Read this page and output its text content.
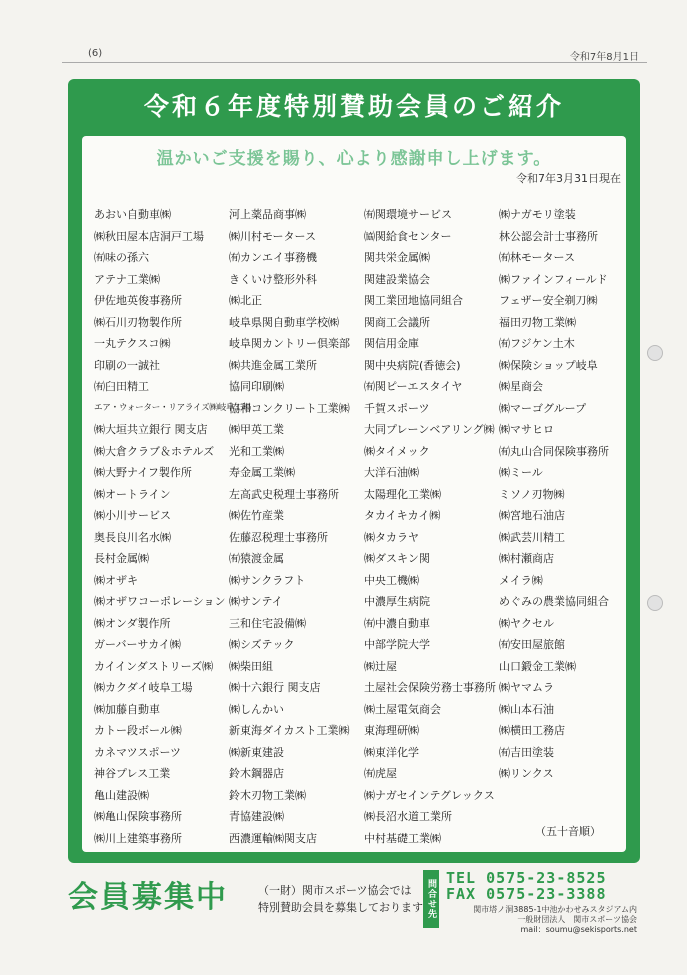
(6)	令和7年8月1日
令和６年度特別賛助会員のご紹介
温かいご支援を賜り、心より感謝申し上げます。
令和7年3月31日現在
あおい自動車㈱
㈱秋田屋本店洞戸工場
㈲味の孫六
アテナ工業㈱
伊佐地英俊事務所
㈱石川刃物製作所
一丸テクスコ㈱
印刷の一誠社
㈲臼田精工
エア・ウォーター・リアライズ㈱岐阜工場
㈱大垣共立銀行 関支店
㈱大倉クラブ＆ホテルズ
㈱大野ナイフ製作所
㈱オートライン
㈱小川サービス
奥長良川名水㈱
長村金属㈱
㈱オザキ
㈱オザワコーポレーション
㈱オンダ製作所
ガーバーサカイ㈱
カイインダストリーズ㈱
㈱カクダイ岐阜工場
㈱加藤自動車
カトー段ボール㈱
カネマツスポーツ
神谷プレス工業
亀山建設㈱
㈱亀山保険事務所
㈱川上建築事務所
河上薬品商事㈱
㈱川村モータース
㈲カンエイ事務機
きくいけ整形外科
㈱北正
岐阜県関自動車学校㈱
岐阜関カントリー倶楽部
㈱共進金属工業所
協同印刷㈱
協和コンクリート工業㈱
㈱甲英工業
光和工業㈱
寿金属工業㈱
左高武史税理士事務所
㈱佐竹産業
佐藤忍税理士事務所
㈲猿渡金属
㈱サンクラフト
㈱サンテイ
三和住宅設備㈱
㈱シズテック
㈱柴田組
㈱十六銀行 関支店
㈱しんかい
新東海ダイカスト工業㈱
㈱新東建設
鈴木鋼器店
鈴木刃物工業㈱
青協建設㈱
西濃運輸㈱関支店
㈲関環境サービス
㈿関給食センター
関共栄金属㈱
関建設業協会
関工業団地協同組合
関商工会議所
関信用金庫
関中央病院(香徳会)
㈲関ピーエスタイヤ
千賀スポーツ
大同プレーンベアリング㈱
㈱タイメック
大洋石油㈱
太陽理化工業㈱
タカイキカイ㈱
㈱タカラヤ
㈱ダスキン関
中央工機㈱
中濃厚生病院
㈲中濃自動車
中部学院大学
㈱辻屋
土屋社会保険労務士事務所
㈱土屋電気商会
東海理研㈱
㈱東洋化学
㈲虎屋
㈱ナガセインテグレックス
㈱長沼水道工業所
中村基礎工業㈱
㈱ナガモリ塗装
林公認会計士事務所
㈲林モータース
㈱ファインフィールド
フェザー安全剃刀㈱
福田刃物工業㈱
㈲フジケン土木
㈱保険ショップ岐阜
㈱星商会
㈱マーゴグループ
㈱マサヒロ
㈲丸山合同保険事務所
㈱ミール
ミソノ刃物㈱
㈱宮地石油店
㈱武芸川精工
㈱村瀬商店
メイラ㈱
めぐみの農業協同組合
㈱ヤクセル
㈲安田屋旅館
山口鍛金工業㈱
㈱ヤマムラ
㈱山本石油
㈱横田工務店
㈲吉田塗装
㈱リンクス
（五十音順）
会員募集中	（一財）関市スポーツ協会では
特別賛助会員を募集しております 問合せ先
TEL 0575-23-8525
FAX 0575-23-3388
関市塔ノ洞3885-1中池かわせみスタジアム内
一般財団法人　関市スポーツ協会
mail：soumu@sekisports.net
